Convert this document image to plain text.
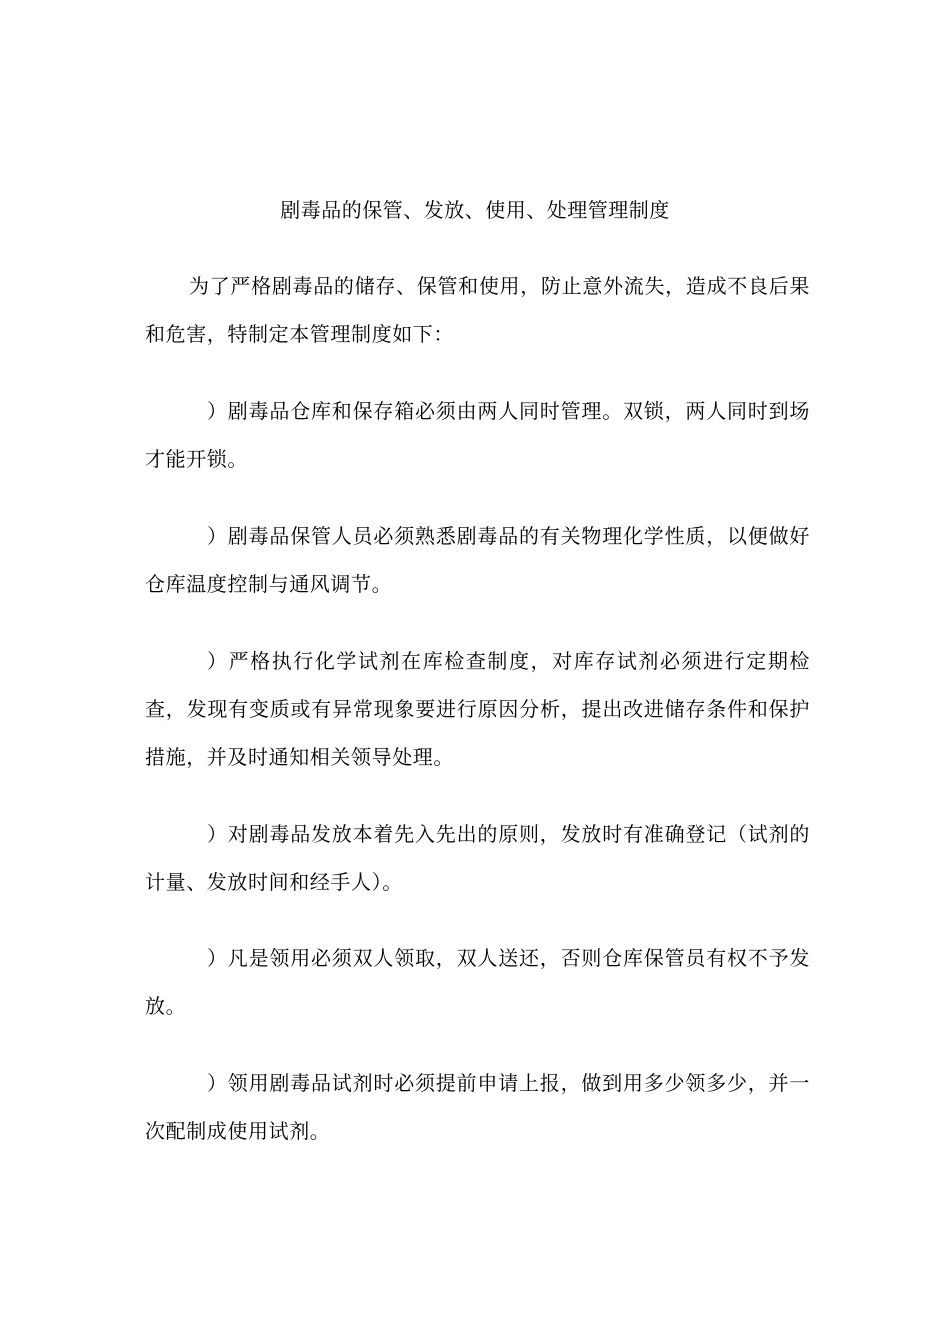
剧毒品的保管、发放、使用、处理管理制度

为了严格剧毒品的储存、保管和使用，防止意外流失，造成不良后果和危害，特制定本管理制度如下：

）剧毒品仓库和保存箱必须由两人同时管理。双锁，两人同时到场才能开锁。

）剧毒品保管人员必须熟悉剧毒品的有关物理化学性质，以便做好仓库温度控制与通风调节。

）严格执行化学试剂在库检查制度，对库存试剂必须进行定期检查，发现有变质或有异常现象要进行原因分析，提出改进储存条件和保护措施，并及时通知相关领导处理。

）对剧毒品发放本着先入先出的原则，发放时有准确登记（试剂的计量、发放时间和经手人）。

）凡是领用必须双人领取，双人送还，否则仓库保管员有权不予发放。

）领用剧毒品试剂时必须提前申请上报，做到用多少领多少，并一次配制成使用试剂。
